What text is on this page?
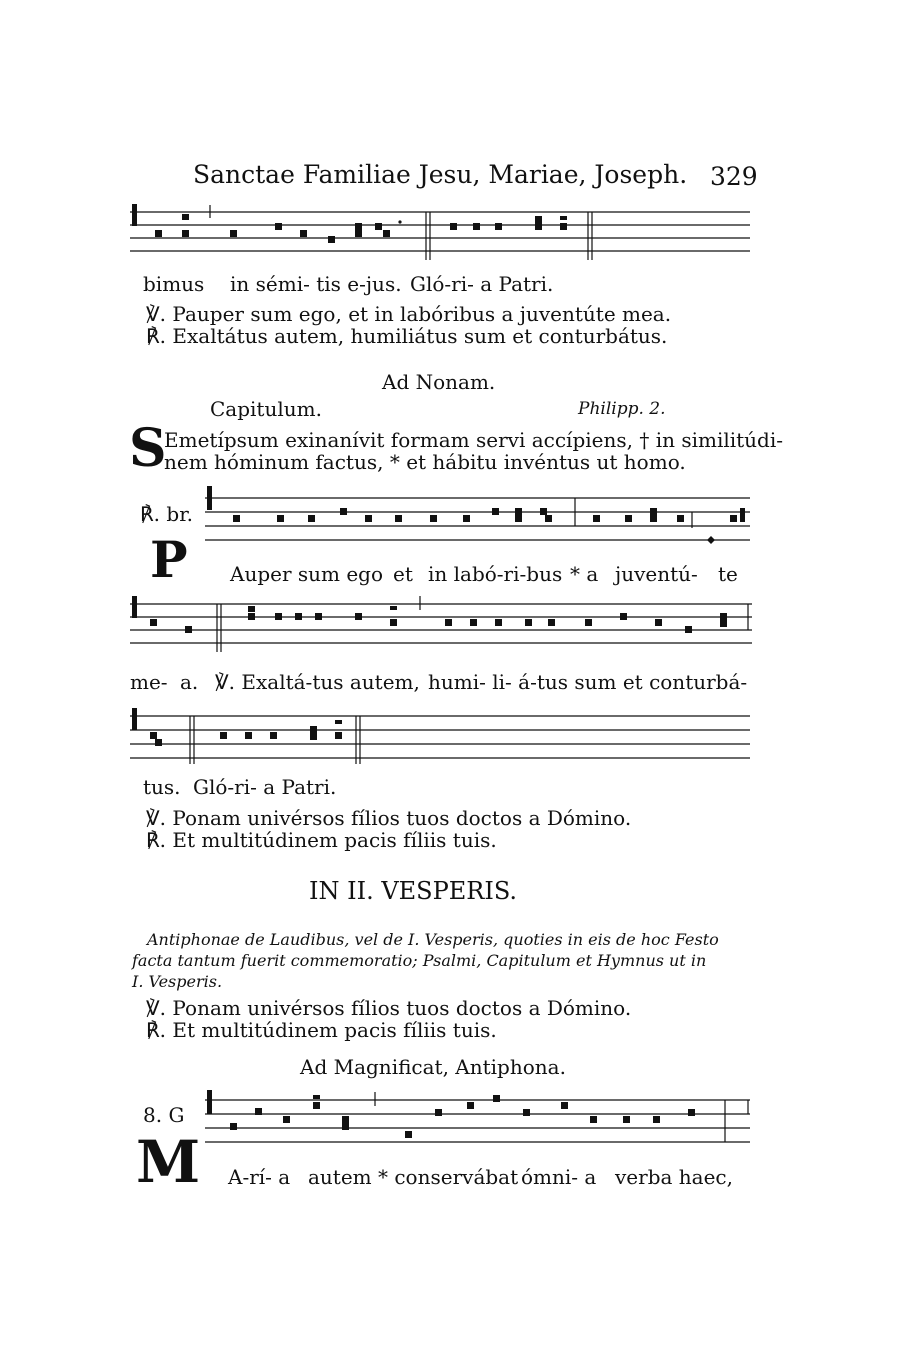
Sanctae Familiae Jesu, Mariae, Joseph. 329
bimus in sémi- tis e-jus. Gló-ri- a Patri.
℣. Pauper sum ego, et in labóribus a juventúte mea.
℟. Exaltátus autem, humiliátus sum et conturbátus.
Ad Nonam.
Capitulum.	Philipp. 2.
S
Emetípsum exinanívit formam servi accípiens, † in similitúdi-
nem hóminum factus, * et hábitu invéntus ut homo.
℟. br.
P Auper sum ego et in labó-ri-bus * a juventú- te
me- a. ℣. Exaltá-tus autem, humi- li- á-tus sum et conturbá-
tus. Gló-ri- a Patri.
℣. Ponam univérsos fílios tuos doctos a Dómino.
℟. Et multitúdinem pacis fíliis tuis.
IN II. VESPERIS.
Antiphonae de Laudibus, vel de I. Vesperis, quoties in eis de hoc Festo
facta tantum fuerit commemoratio; Psalmi, Capitulum et Hymnus ut in
I. Vesperis.
℣. Ponam univérsos fílios tuos doctos a Dómino.
℟. Et multitúdinem pacis fíliis tuis.
Ad Magnificat, Antiphona.
8. G
M A-rí- a autem * conservábat ómni- a verba haec,
